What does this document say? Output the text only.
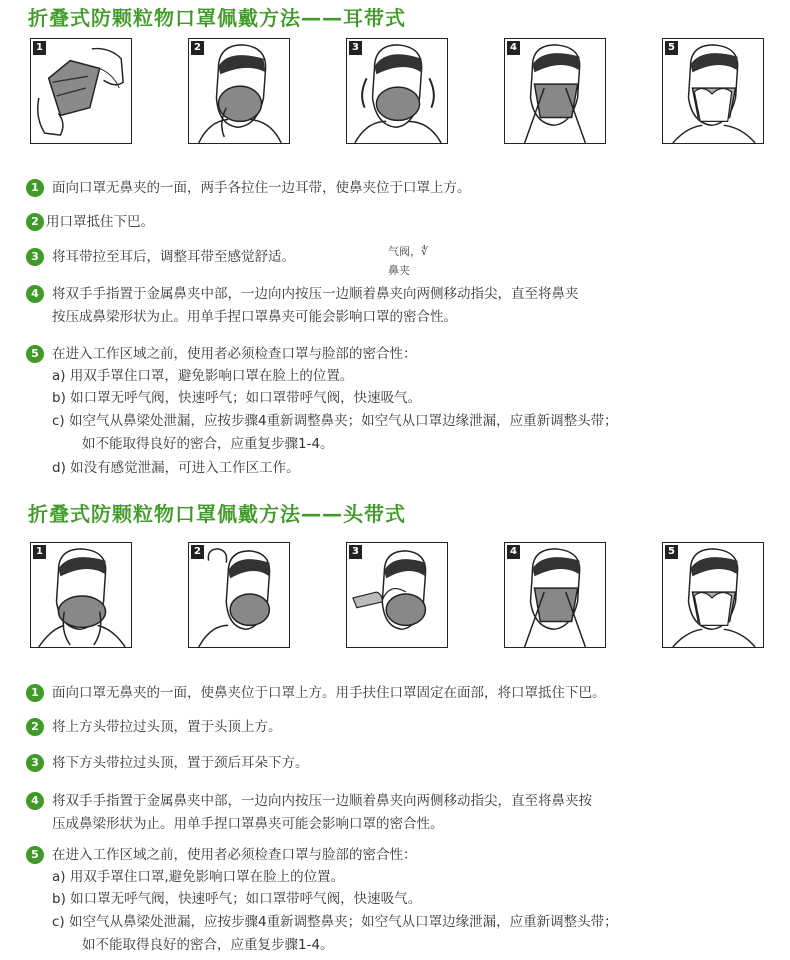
折叠式防颗粒物口罩佩戴方法——耳带式
1	2	3	4	5
1 面向口罩无鼻夹的一面，两手各拉住一边耳带，使鼻夹位于口罩上方。
2 用口罩抵住下巴。
3 将耳带拉至耳后，调整耳带至感觉舒适。	气阀，∜
鼻夹
4 将双手手指置于金属鼻夹中部，一边向内按压一边顺着鼻夹向两侧移动指尖，直至将鼻夹
按压成鼻梁形状为止。用单手捏口罩鼻夹可能会影响口罩的密合性。
5 在进入工作区域之前，使用者必须检查口罩与脸部的密合性：
a) 用双手罩住口罩，避免影响口罩在脸上的位置。
b) 如口罩无呼气阀，快速呼气；如口罩带呼气阀，快速吸气。
c) 如空气从鼻梁处泄漏，应按步骤4重新调整鼻夹；如空气从口罩边缘泄漏，应重新调整头带；
如不能取得良好的密合，应重复步骤1-4。
d) 如没有感觉泄漏，可进入工作区工作。
折叠式防颗粒物口罩佩戴方法——头带式
1	2	3	4	5
1 面向口罩无鼻夹的一面，使鼻夹位于口罩上方。用手扶住口罩固定在面部，将口罩抵住下巴。
2 将上方头带拉过头顶，置于头顶上方。
3 将下方头带拉过头顶，置于颈后耳朵下方。
4 将双手手指置于金属鼻夹中部，一边向内按压一边顺着鼻夹向两侧移动指尖，直至将鼻夹按
压成鼻梁形状为止。用单手捏口罩鼻夹可能会影响口罩的密合性。
5 在进入工作区域之前，使用者必须检查口罩与脸部的密合性：
a) 用双手罩住口罩,避免影响口罩在脸上的位置。
b) 如口罩无呼气阀，快速呼气；如口罩带呼气阀，快速吸气。
c) 如空气从鼻梁处泄漏，应按步骤4重新调整鼻夹；如空气从口罩边缘泄漏，应重新调整头带；
如不能取得良好的密合，应重复步骤1-4。
